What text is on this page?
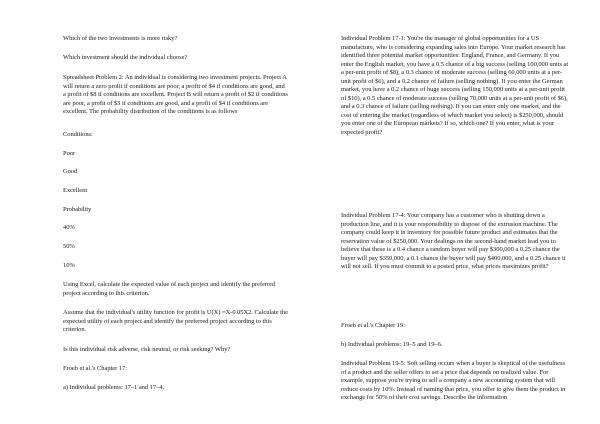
Which of the two investments is more risky?

Which investment should the individual choose?

Spreadsheet Problem 2: An individual is considering two investment projects. Project A will return a zero profit if conditions are poor, a profit of $4 if conditions are good, and a profit of $8 if conditions are excellent. Project B will return a profit of $2 if conditions are poor, a profit of $3 if conditions are good, and a profit of $4 if conditions are excellent. The probability distribution of the conditions is as follows

Conditions:

Poor

Good

Excellent

Probability

40%

50%

10%

Using Excel, calculate the expected value of each project and identify the preferred project according to this criterion.

Assume that the individual's utility function for profit is U(X) =X-0.05X2. Calculate the expected utility of each project and identify the preferred project according to this criterion.

Is this individual risk adverse, risk neutral, or risk seeking? Why?

Froeb et al.'s Chapter 17:

a) Individual problems: 17–1 and 17–4.

Individual Problem 17-1: You're the manager of global opportunities for a US manufacture, who is considering expanding sales into Europe. Your market research has identified three potential market opportunities: England, France, and Germany. If you enter the English market, you have a 0.5 chance of a big success (selling 100,000 units at a per-unit profit of $8), a 0.3 chance of moderate success (selling 60,000 units at a per-unit profit of $6), and a 0.2 chance of failure (selling nothing). If you enter the German market, you have a 0.2 chance of huge success (selling 150,000 units at a per-unit profit of $10), a 0.5 chance of moderate success (selling 70,000 units at a per-unit profit of $6), and a 0.3 chance of failure (selling nothing). If you can enter only one market, and the cost of entering the market (regardless of which market you select) is $250,000, should you enter one of the European markets? If so, which one? If you enter, what is your expected profit?

Individual Problem 17-4: Your company has a customer who is shutting down a production line, and it is your responsibility to dispose of the extrusion machine. The company could keep it in inventory for possible future product and estimates that the reservation value of $250,000. Your dealings on the second-hand market lead you to believe that these is a 0.4 chance a random buyer will pay $300,000 a 0.25 chance the buyer will pay $350,000, a 0.1 chance the buyer will pay $400,000, and a 0.25 chance it will not sell. If you must commit to a posted price, what prices maximizes profit?

Froeb et al.'s Chapter 19:

b) Individual problems: 19–5 and 19–6.

Individual Problem 19-5: Soft selling occurs when a buyer is skeptical of the usefulness of a product and the seller offers to set a price that depends on realized value. For example, suppose you're trying to sell a company a new accounting system that will reduce costs by 10%. Instead of naming that price, you offer to give them the product in exchange for 50% of their cost savings. Describe the information
